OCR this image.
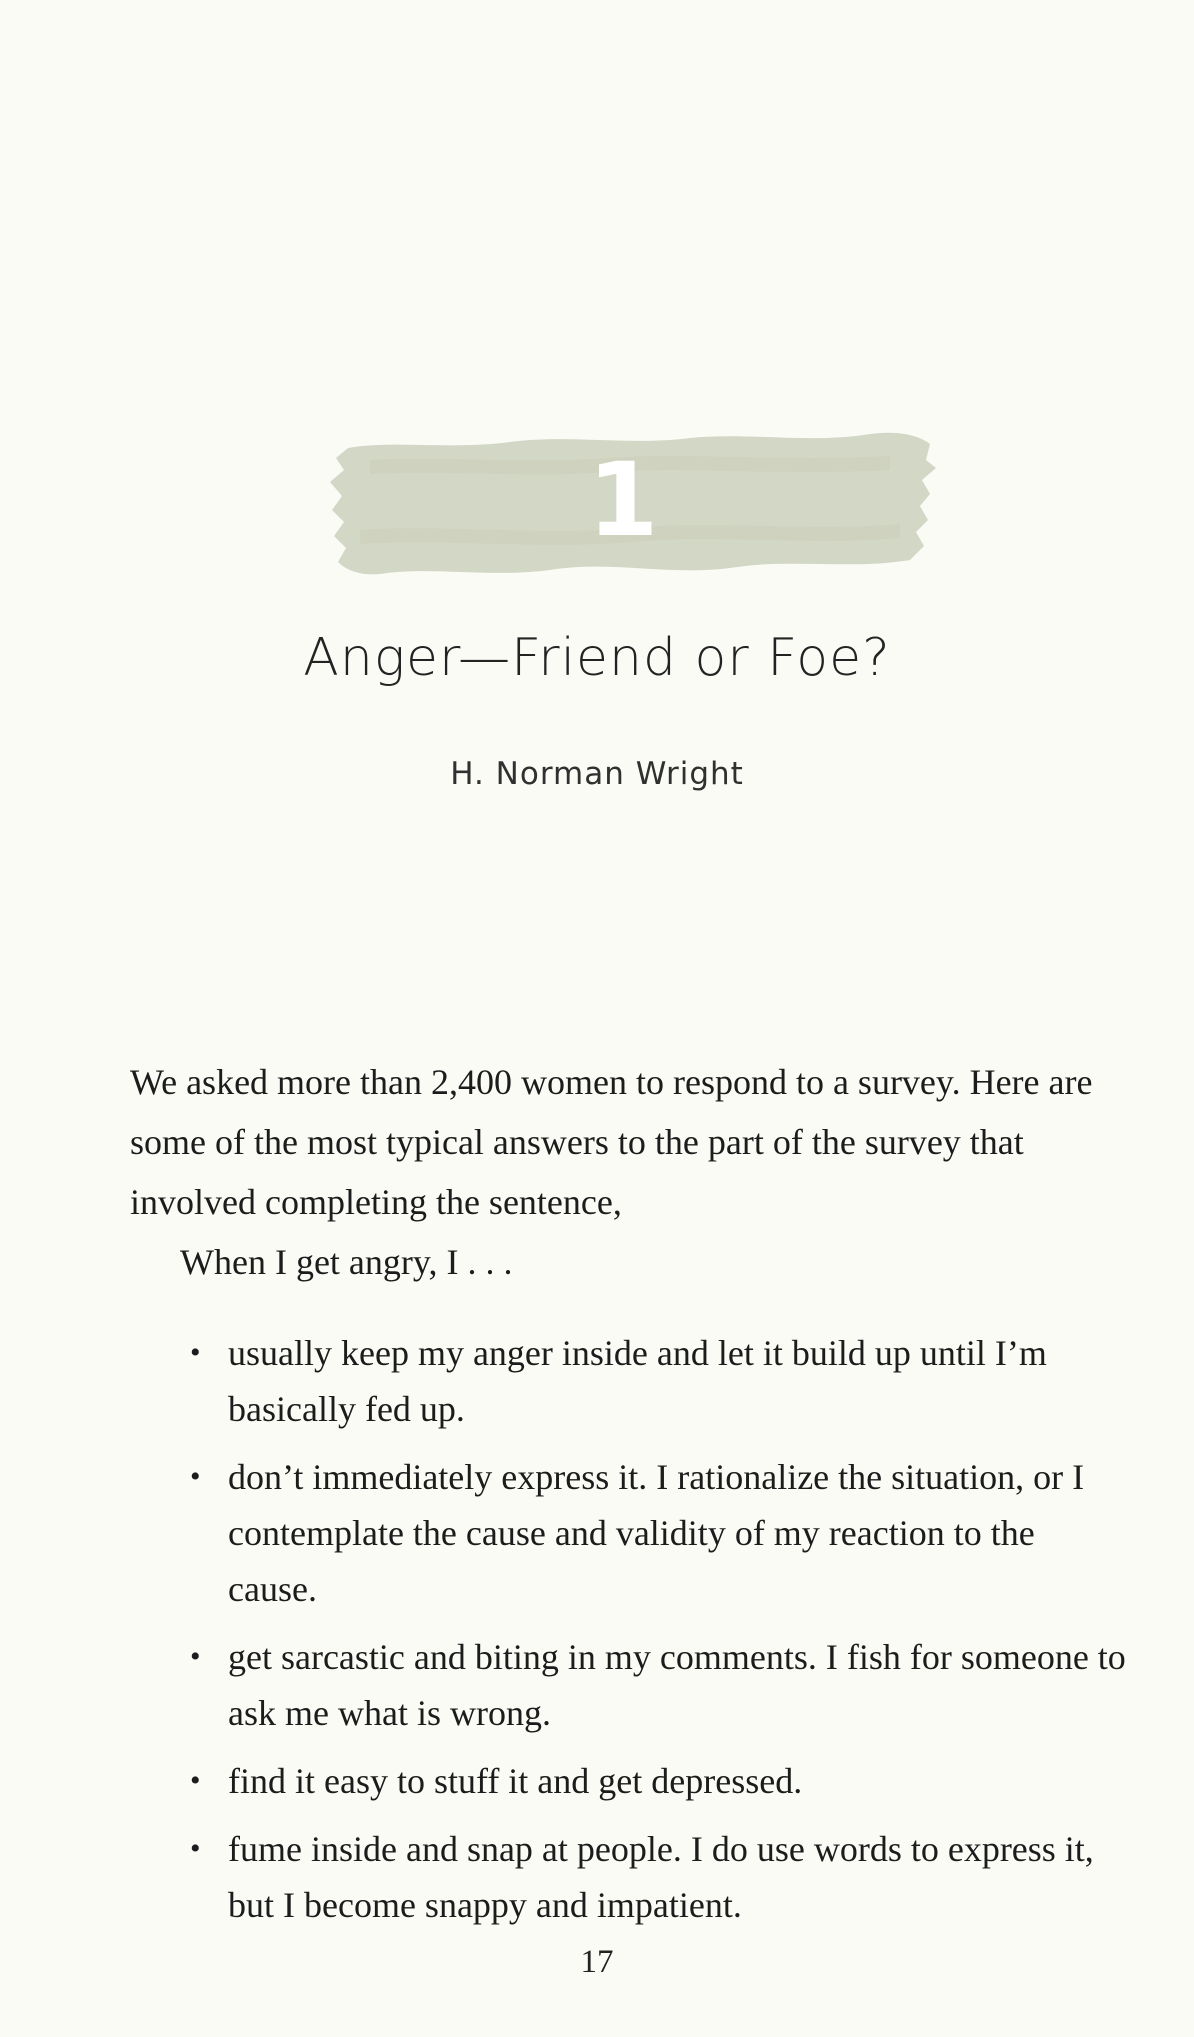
1
Anger—Friend or Foe?
H. Norman Wright

We asked more than 2,400 women to respond to a survey. Here are some of the most typical answers to the part of the survey that involved completing the sentence,

When I get angry, I . . .
• usually keep my anger inside and let it build up until I’m basically fed up.
• don’t immediately express it. I rationalize the situation, or I contemplate the cause and validity of my reaction to the cause.
• get sarcastic and biting in my comments. I fish for someone to ask me what is wrong.
• find it easy to stuff it and get depressed.
• fume inside and snap at people. I do use words to express it, but I become snappy and impatient.
17
